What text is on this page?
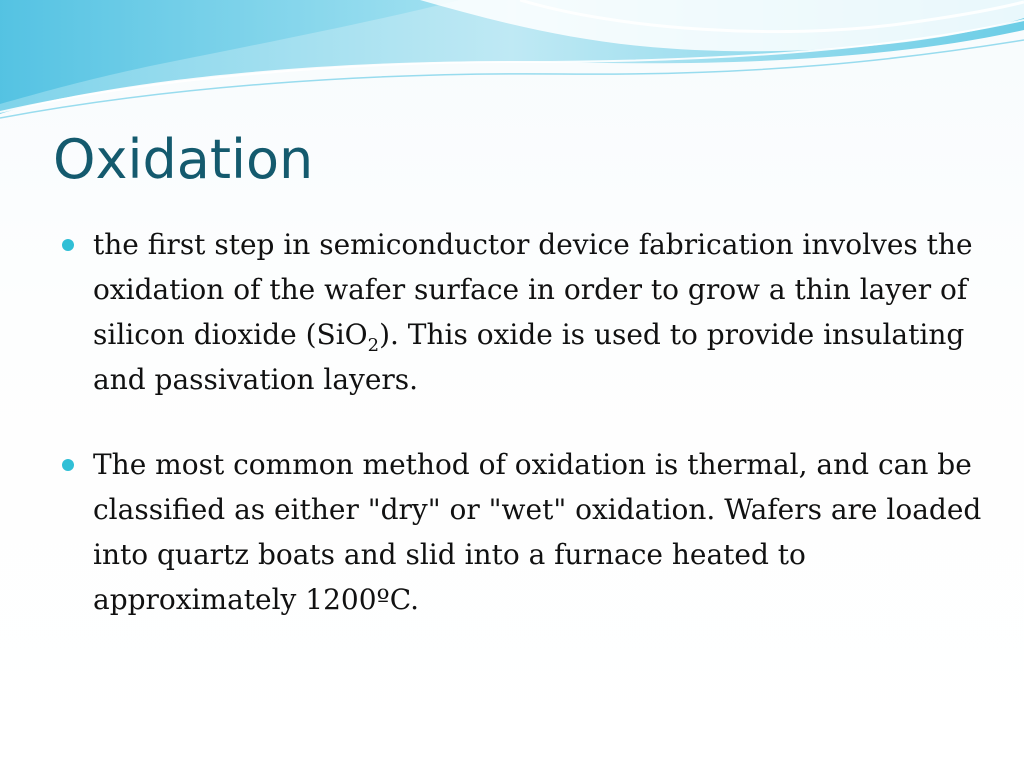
Oxidation
the first step in semiconductor device fabrication involves the oxidation of the wafer surface in order to grow a thin layer of silicon dioxide (SiO$_2$). This oxide is used to provide insulating and passivation layers.
The most common method of oxidation is thermal, and can be classified as either "dry" or "wet" oxidation. Wafers are loaded into quartz boats and slid into a furnace heated to approximately 1200ºC.
